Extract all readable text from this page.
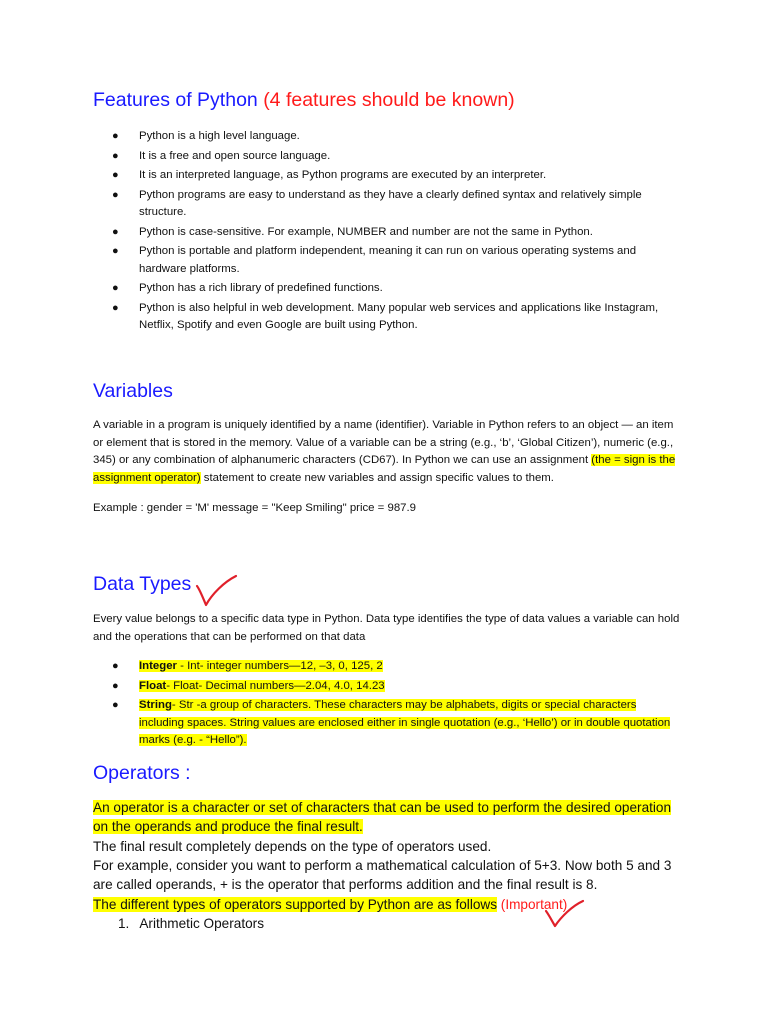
Features of Python (4 features should be known)
● Python is a high level language.
● It is a free and open source language.
● It is an interpreted language, as Python programs are executed by an interpreter.
● Python programs are easy to understand as they have a clearly defined syntax and relatively simple structure.
● Python is case-sensitive. For example, NUMBER and number are not the same in Python.
● Python is portable and platform independent, meaning it can run on various operating systems and hardware platforms.
● Python has a rich library of predefined functions.
● Python is also helpful in web development. Many popular web services and applications like Instagram, Netflix, Spotify and even Google are built using Python.
Variables

A variable in a program is uniquely identified by a name (identifier). Variable in Python refers to an object — an item or element that is stored in the memory. Value of a variable can be a string (e.g., ‘b’, ‘Global Citizen’), numeric (e.g., 345) or any combination of alphanumeric characters (CD67). In Python we can use an assignment (the = sign is the assignment operator) statement to create new variables and assign specific values to them.

Example : gender = 'M' message = "Keep Smiling" price = 987.9

Data Types

Every value belongs to a specific data type in Python. Data type identifies the type of data values a variable can hold and the operations that can be performed on that data

● Integer - Int- integer numbers—12, –3, 0, 125, 2
● Float- Float- Decimal numbers—2.04, 4.0, 14.23
● String- Str -a group of characters. These characters may be alphabets, digits or special characters including spaces. String values are enclosed either in single quotation (e.g., ‘Hello’) or in double quotation marks (e.g. - “Hello”).
Operators :

An operator is a character or set of characters that can be used to perform the desired operation on the operands and produce the final result.

The final result completely depends on the type of operators used.

For example, consider you want to perform a mathematical calculation of 5+3. Now both 5 and 3 are called operands, + is the operator that performs addition and the final result is 8.

The different types of operators supported by Python are as follows (Important)

1. Arithmetic Operators
